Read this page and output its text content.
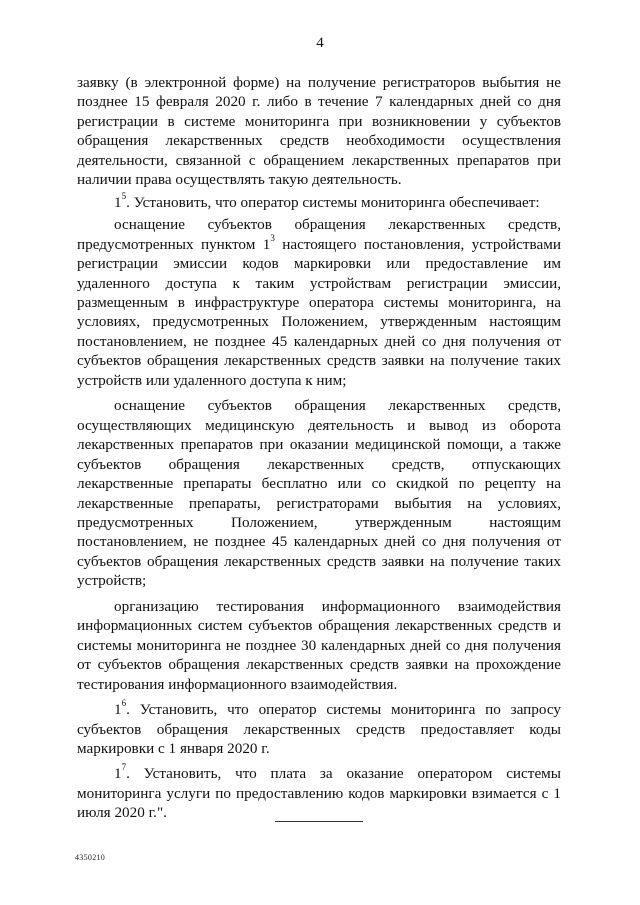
4

заявку (в электронной форме) на получение регистраторов выбытия не позднее 15 февраля 2020 г. либо в течение 7 календарных дней со дня регистрации в системе мониторинга при возникновении у субъектов обращения лекарственных средств необходимости осуществления деятельности, связанной с обращением лекарственных препаратов при наличии права осуществлять такую деятельность.

$1^5$. Установить, что оператор системы мониторинга обеспечивает:

оснащение субъектов обращения лекарственных средств, предусмотренных пунктом $1^3$ настоящего постановления, устройствами регистрации эмиссии кодов маркировки или предоставление им удаленного доступа к таким устройствам регистрации эмиссии, размещенным в инфраструктуре оператора системы мониторинга, на условиях, предусмотренных Положением, утвержденным настоящим постановлением, не позднее 45 календарных дней со дня получения от субъектов обращения лекарственных средств заявки на получение таких устройств или удаленного доступа к ним;

оснащение субъектов обращения лекарственных средств, осуществляющих медицинскую деятельность и вывод из оборота лекарственных препаратов при оказании медицинской помощи, а также субъектов обращения лекарственных средств, отпускающих лекарственные препараты бесплатно или со скидкой по рецепту на лекарственные препараты, регистраторами выбытия на условиях, предусмотренных Положением, утвержденным настоящим постановлением, не позднее 45 календарных дней со дня получения от субъектов обращения лекарственных средств заявки на получение таких устройств;

организацию тестирования информационного взаимодействия информационных систем субъектов обращения лекарственных средств и системы мониторинга не позднее 30 календарных дней со дня получения от субъектов обращения лекарственных средств заявки на прохождение тестирования информационного взаимодействия.

$1^6$. Установить, что оператор системы мониторинга по запросу субъектов обращения лекарственных средств предоставляет коды маркировки с 1 января 2020 г.

$1^7$. Установить, что плата за оказание оператором системы мониторинга услуги по предоставлению кодов маркировки взимается с 1 июля 2020 г.".

4350210
